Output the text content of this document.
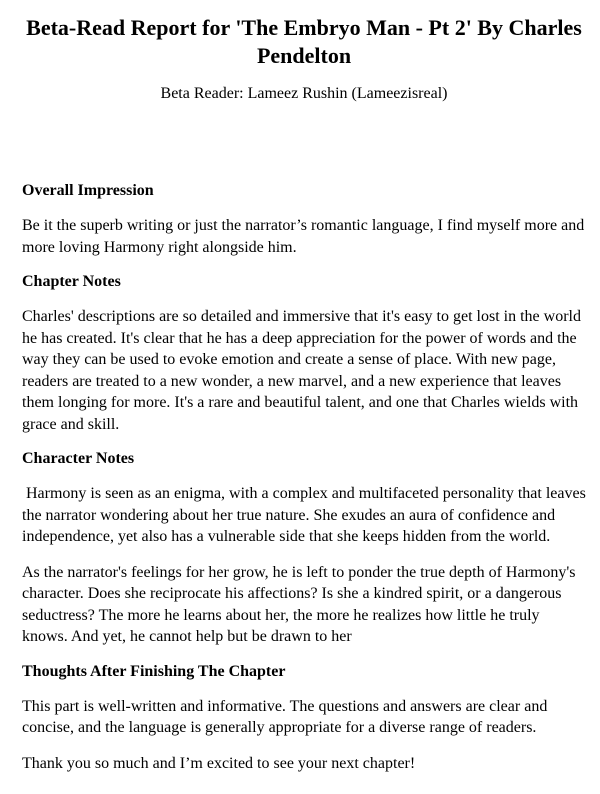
Beta-Read Report for 'The Embryo Man - Pt 2' By Charles Pendelton

Beta Reader: Lameez Rushin (Lameezisreal)

Overall Impression

Be it the superb writing or just the narrator’s romantic language, I find myself more and more loving Harmony right alongside him.

Chapter Notes

Charles' descriptions are so detailed and immersive that it's easy to get lost in the world he has created. It's clear that he has a deep appreciation for the power of words and the way they can be used to evoke emotion and create a sense of place. With new page, readers are treated to a new wonder, a new marvel, and a new experience that leaves them longing for more. It's a rare and beautiful talent, and one that Charles wields with grace and skill.

Character Notes

Harmony is seen as an enigma, with a complex and multifaceted personality that leaves the narrator wondering about her true nature. She exudes an aura of confidence and independence, yet also has a vulnerable side that she keeps hidden from the world.

As the narrator's feelings for her grow, he is left to ponder the true depth of Harmony's character. Does she reciprocate his affections? Is she a kindred spirit, or a dangerous seductress? The more he learns about her, the more he realizes how little he truly knows. And yet, he cannot help but be drawn to her

Thoughts After Finishing The Chapter

This part is well-written and informative. The questions and answers are clear and concise, and the language is generally appropriate for a diverse range of readers.

Thank you so much and I’m excited to see your next chapter!
